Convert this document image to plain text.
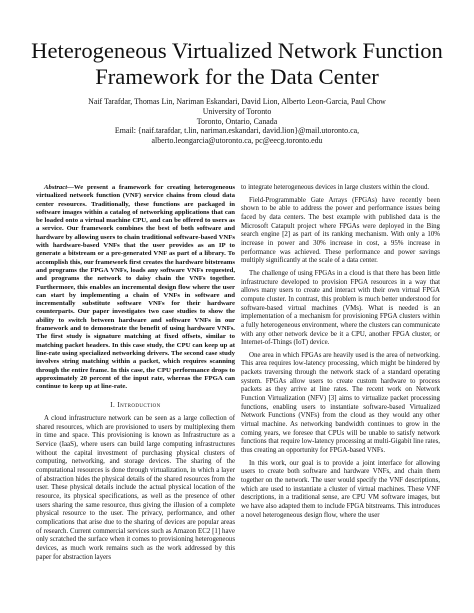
Heterogeneous Virtualized Network Function
Framework for the Data Center
Naif Tarafdar, Thomas Lin, Nariman Eskandari, David Lion, Alberto Leon-Garcia, Paul Chow
University of Toronto
Toronto, Ontario, Canada
Email: {naif.tarafdar, t.lin, nariman.eskandari, david.lion}@mail.utoronto.ca,
alberto.leongarcia@utoronto.ca, pc@eecg.toronto.edu

Abstract—We present a framework for creating heterogeneous virtualized network function (VNF) service chains from cloud data center resources. Traditionally, these functions are packaged in software images within a catalog of networking applications that can be loaded onto a virtual machine CPU, and can be offered to users as a service. Our framework combines the best of both software and hardware by allowing users to chain traditional software-based VNFs with hardware-based VNFs that the user provides as an IP to generate a bitstream or a pre-generated VNF as part of a library. To accomplish this, our framework first creates the hardware bitstreams and programs the FPGA VNFs, loads any software VNFs requested, and programs the network to daisy chain the VNFs together. Furthermore, this enables an incremental design flow where the user can start by implementing a chain of VNFs in software and incrementally substitute software VNFs for their hardware counterparts. Our paper investigates two case studies to show the ability to switch between hardware and software VNFs in our framework and to demonstrate the benefit of using hardware VNFs. The first study is signature matching at fixed offsets, similar to matching packet headers. In this case study, the CPU can keep up at line-rate using specialized networking drivers. The second case study involves string matching within a packet, which requires scanning through the entire frame. In this case, the CPU performance drops to approximately 20 percent of the input rate, whereas the FPGA can continue to keep up at line-rate.

I. Introduction

A cloud infrastructure network can be seen as a large collection of shared resources, which are provisioned to users by multiplexing them in time and space. This provisioning is known as Infrastructure as a Service (IaaS), where users can build large computing infrastructures without the capital investment of purchasing physical clusters of computing, networking, and storage devices. The sharing of the computational resources is done through virtualization, in which a layer of abstraction hides the physical details of the shared resources from the user. These physical details include the actual physical location of the resource, its physical specifications, as well as the presence of other users sharing the same resource, thus giving the illusion of a complete physical resource to the user. The privacy, performance, and other complications that arise due to the sharing of devices are popular areas of research. Current commercial services such as Amazon EC2 [1] have only scratched the surface when it comes to provisioning heterogeneous devices, as much work remains such as the work addressed by this paper for abstraction layers

to integrate heterogeneous devices in large clusters within the cloud.

Field-Programmable Gate Arrays (FPGAs) have recently been shown to be able to address the power and performance issues being faced by data centers. The best example with published data is the Microsoft Catapult project where FPGAs were deployed in the Bing search engine [2] as part of its ranking mechanism. With only a 10% increase in power and 30% increase in cost, a 95% increase in performance was achieved. These performance and power savings multiply significantly at the scale of a data center.

The challenge of using FPGAs in a cloud is that there has been little infrastructure developed to provision FPGA resources in a way that allows many users to create and interact with their own virtual FPGA compute cluster. In contrast, this problem is much better understood for software-based virtual machines (VMs). What is needed is an implementation of a mechanism for provisioning FPGA clusters within a fully heterogeneous environment, where the clusters can communicate with any other network device be it a CPU, another FPGA cluster, or Internet-of-Things (IoT) device.

One area in which FPGAs are heavily used is the area of networking. This area requires low-latency processing, which might be hindered by packets traversing through the network stack of a standard operating system. FPGAs allow users to create custom hardware to process packets as they arrive at line rates. The recent work on Network Function Virtualization (NFV) [3] aims to virtualize packet processing functions, enabling users to instantiate software-based Virtualized Network Functions (VNFs) from the cloud as they would any other virtual machine. As networking bandwidth continues to grow in the coming years, we foresee that CPUs will be unable to satisfy network functions that require low-latency processing at multi-Gigabit line rates, thus creating an opportunity for FPGA-based VNFs.

In this work, our goal is to provide a joint interface for allowing users to create both software and hardware VNFs, and chain them together on the network. The user would specify the VNF descriptions, which are used to instantiate a cluster of virtual machines. These VNF descriptions, in a traditional sense, are CPU VM software images, but we have also adapted them to include FPGA bitstreams. This introduces a novel heterogeneous design flow, where the user
